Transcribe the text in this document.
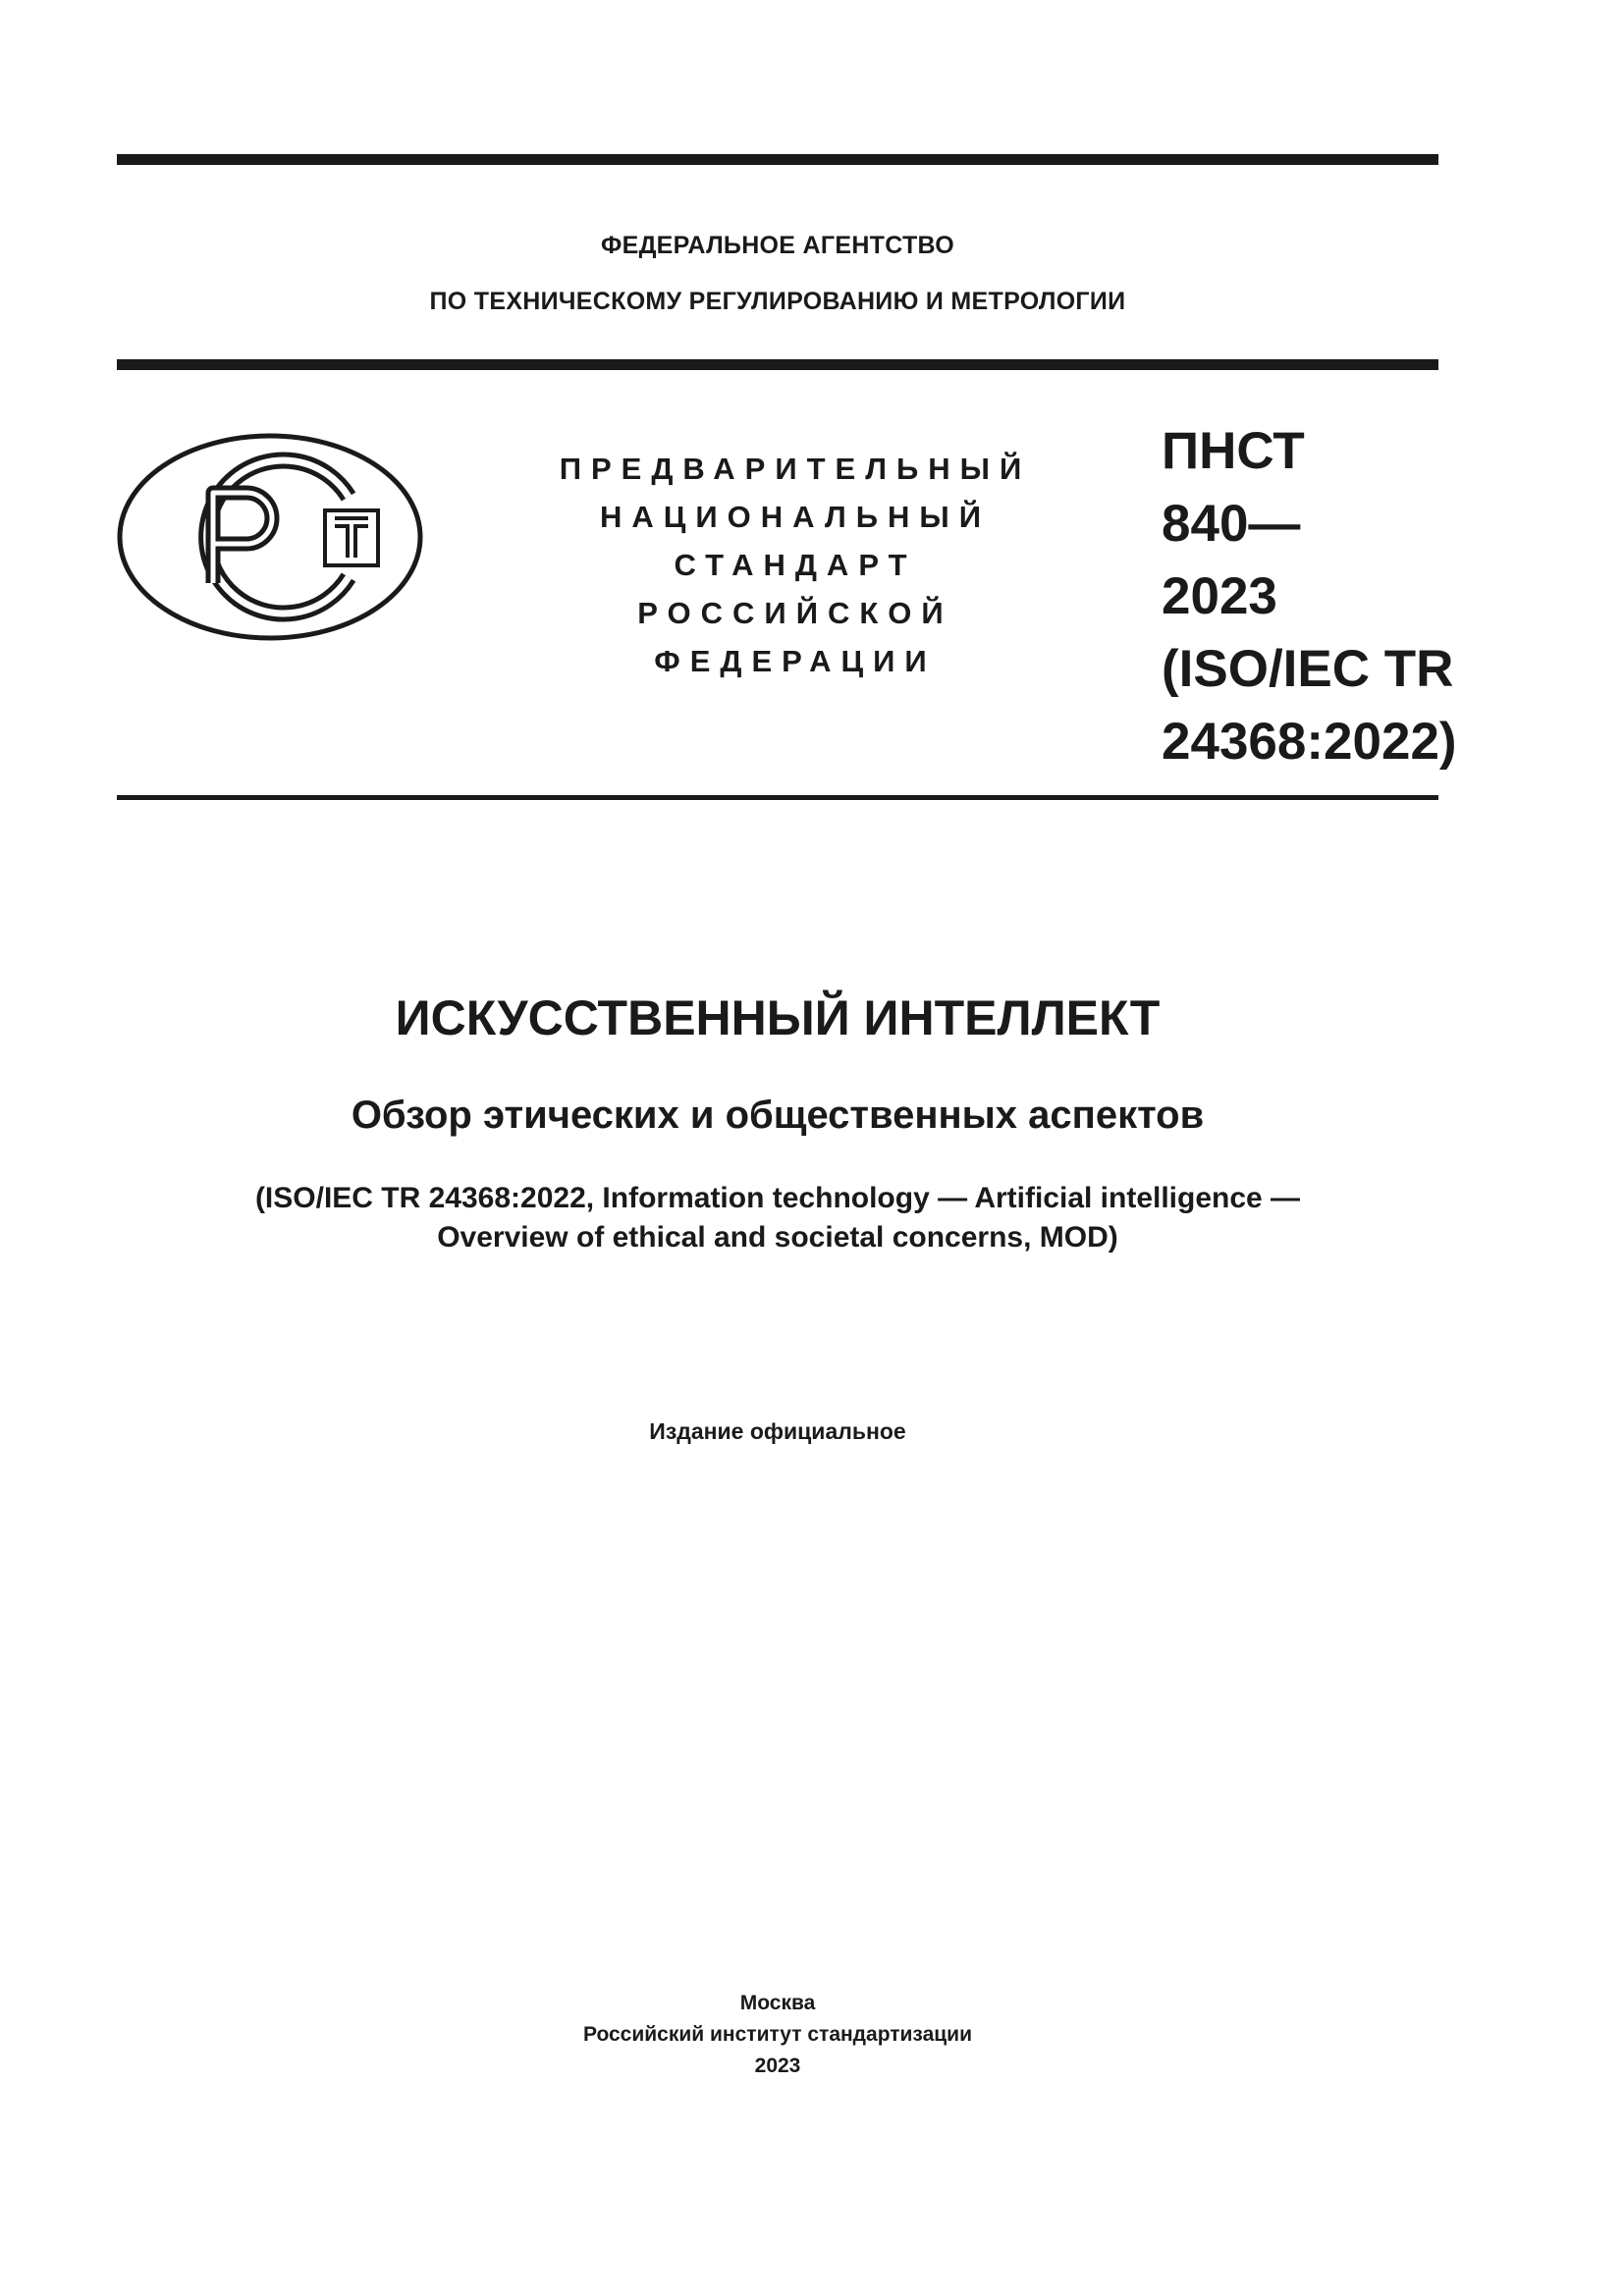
ФЕДЕРАЛЬНОЕ АГЕНТСТВО
ПО ТЕХНИЧЕСКОМУ РЕГУЛИРОВАНИЮ И МЕТРОЛОГИИ
ПРЕДВАРИТЕЛЬНЫЙ
НАЦИОНАЛЬНЫЙ
СТАНДАРТ
РОССИЙСКОЙ
ФЕДЕРАЦИИ
ПНСТ
840—
2023
(ISO/IEC TR
24368:2022)
ИСКУССТВЕННЫЙ ИНТЕЛЛЕКТ
Обзор этических и общественных аспектов
(ISO/IEC TR 24368:2022, Information technology — Artificial intelligence —
Overview of ethical and societal concerns, MOD)
Издание официальное
Москва
Российский институт стандартизации
2023
